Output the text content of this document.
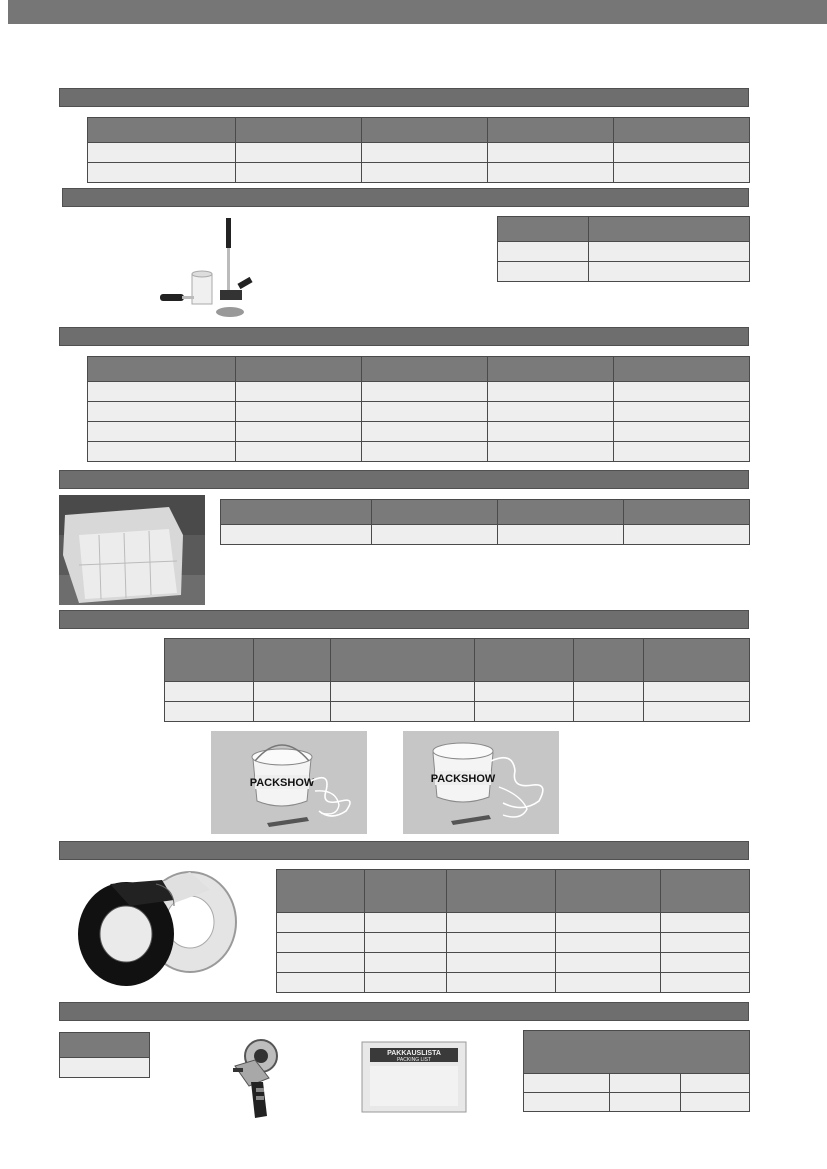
PACKSHOW	PACKSHOW

PAKKAUSLISTA
PACKING LIST
